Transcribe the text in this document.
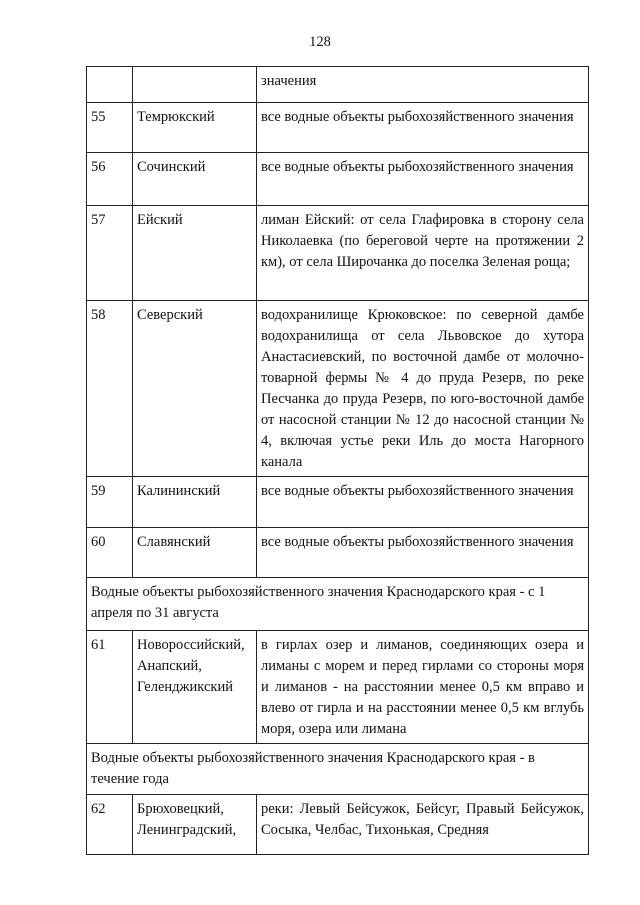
128
		значения
55	Темрюкский	все водные объекты рыбохозяйственного значения
56	Сочинский	все водные объекты рыбохозяйственного значения
57	Ейский	лиман Ейский: от села Глафировка в сторону села Николаевка (по береговой черте на протяжении 2 км), от села Широчанка до поселка Зеленая роща;
58	Северский	водохранилище Крюковское: по северной дамбе водохранилища от села Львовское до хутора Анастасиевский, по восточной дамбе от молочно-товарной фермы № 4 до пруда Резерв, по реке Песчанка до пруда Резерв, по юго-восточной дамбе от насосной станции № 12 до насосной станции № 4, включая устье реки Иль до моста Нагорного канала
59	Калининский	все водные объекты рыбохозяйственного значения
60	Славянский	все водные объекты рыбохозяйственного значения
Водные объекты рыбохозяйственного значения Краснодарского края - с 1 апреля по 31 августа		
61	Новороссийский, Анапский, Геленджикский	в гирлах озер и лиманов, соединяющих озера и лиманы с морем и перед гирлами со стороны моря и лиманов - на расстоянии менее 0,5 км вправо и влево от гирла и на расстоянии менее 0,5 км вглубь моря, озера или лимана
Водные объекты рыбохозяйственного значения Краснодарского края - в течение года		
62	Брюховецкий, Ленинградский,	реки: Левый Бейсужок, Бейсуг, Правый Бейсужок, Сосыка, Челбас, Тихонькая, Средняя
